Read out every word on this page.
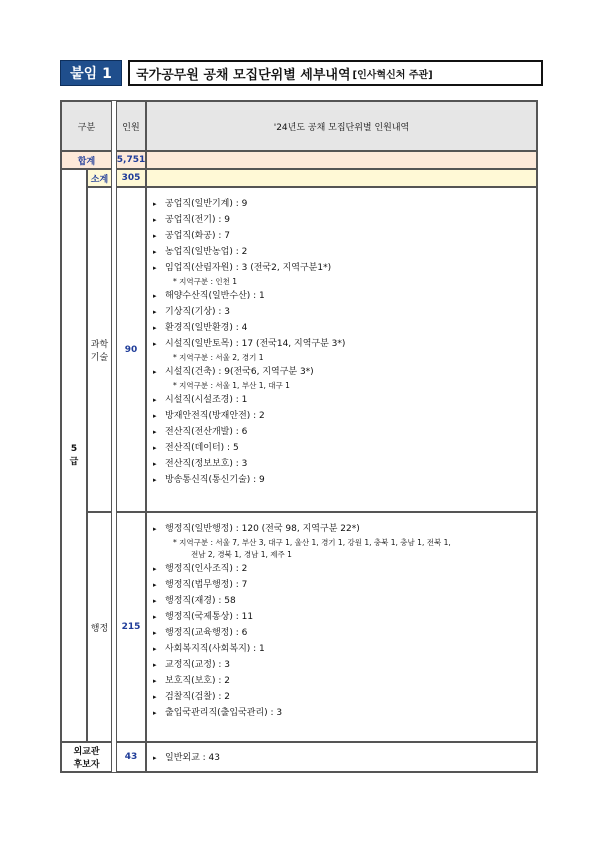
붙임 1	국가공무원 공채 모집단위별 세부내역 [인사혁신처 주관]
구분	인원	'24년도 공채 모집단위별 인원내역
합계	5,751
5
급
소계	305
과학
기술
90
▸ 공업직(일반기계) : 9
▸ 공업직(전기) : 9
▸ 공업직(화공) : 7
▸ 농업직(일반농업) : 2
▸ 임업직(산림자원) : 3 (전국2, 지역구분1*)
* 지역구분 : 인천 1
▸ 해양수산직(일반수산) : 1
▸ 기상직(기상) : 3
▸ 환경직(일반환경) : 4
▸ 시설직(일반토목) : 17 (전국14, 지역구분 3*)
* 지역구분 : 서울 2, 경기 1
▸ 시설직(건축) : 9(전국6, 지역구분 3*)
* 지역구분 : 서울 1, 부산 1, 대구 1
▸ 시설직(시설조경) : 1
▸ 방재안전직(방재안전) : 2
▸ 전산직(전산개발) : 6
▸ 전산직(데이터) : 5
▸ 전산직(정보보호) : 3
▸ 방송통신직(통신기술) : 9
행정	215
▸ 행정직(일반행정) : 120 (전국 98, 지역구분 22*)
* 지역구분 : 서울 7, 부산 3, 대구 1, 울산 1, 경기 1, 강원 1, 충북 1, 충남 1, 전북 1,
전남 2, 경북 1, 경남 1, 제주 1
▸ 행정직(인사조직) : 2
▸ 행정직(법무행정) : 7
▸ 행정직(재경) : 58
▸ 행정직(국제통상) : 11
▸ 행정직(교육행정) : 6
▸ 사회복지직(사회복지) : 1
▸ 교정직(교정) : 3
▸ 보호직(보호) : 2
▸ 검찰직(검찰) : 2
▸ 출입국관리직(출입국관리) : 3
외교관
후보자
43
▸	일반외교 : 43
